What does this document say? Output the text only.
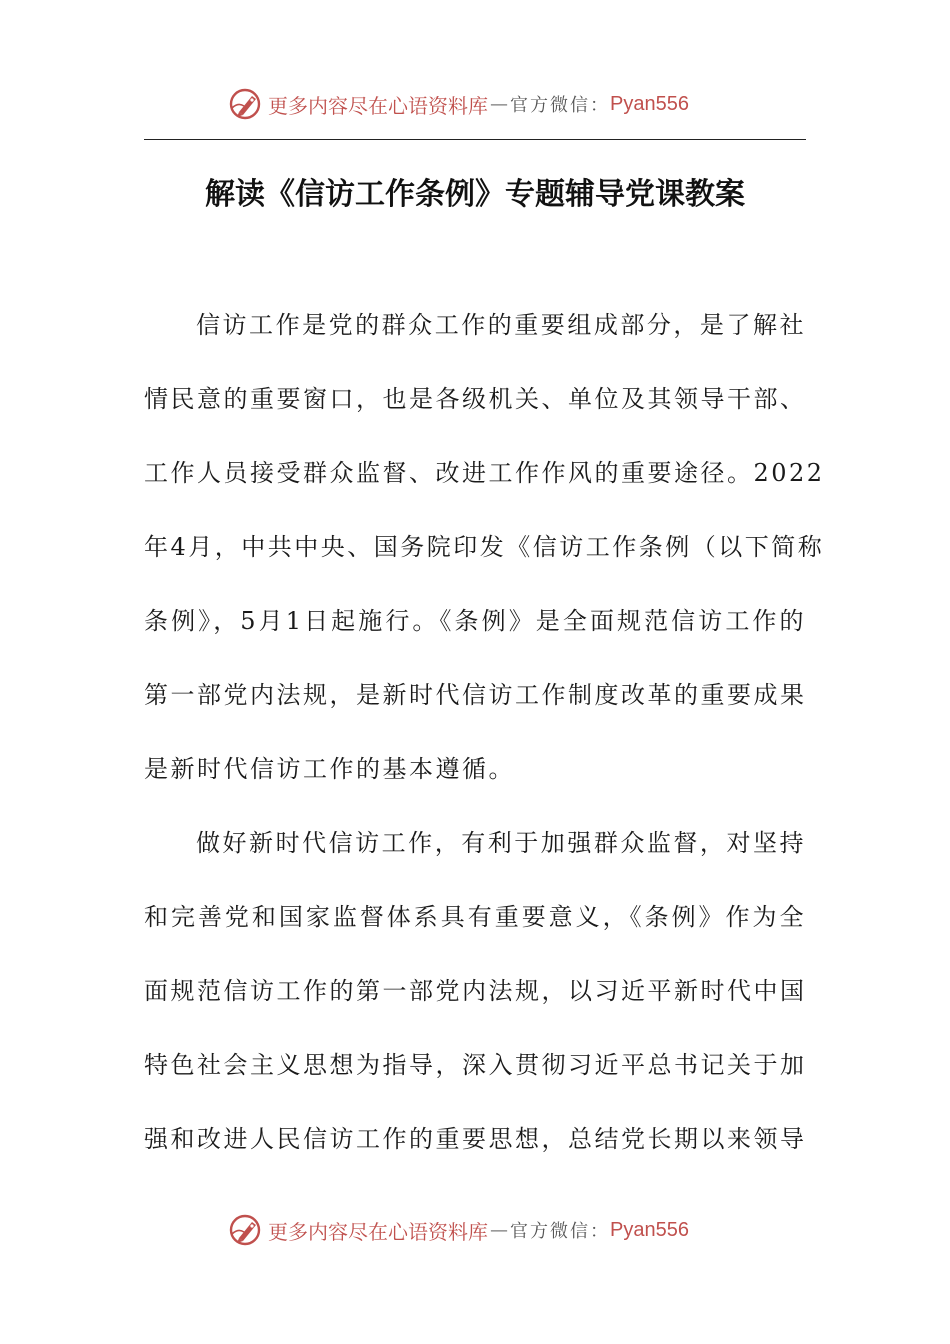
更多内容尽在心语资料库 — 官方微信： Pyan556
解读《信访工作条例》专题辅导党课教案
信访工作是党的群众工作的重要组成部分，是了解社
情民意的重要窗口，也是各级机关、单位及其领导干部、
工作人员接受群众监督、改进工作作风的重要途径。2022
年4月，中共中央、国务院印发《信访工作条例（以下简称
条例》，5月1日起施行。《条例》是全面规范信访工作的
第一部党内法规，是新时代信访工作制度改革的重要成果
是新时代信访工作的基本遵循。
做好新时代信访工作，有利于加强群众监督，对坚持
和完善党和国家监督体系具有重要意义，《条例》作为全
面规范信访工作的第一部党内法规，以习近平新时代中国
特色社会主义思想为指导，深入贯彻习近平总书记关于加
强和改进人民信访工作的重要思想，总结党长期以来领导
更多内容尽在心语资料库 — 官方微信： Pyan556
